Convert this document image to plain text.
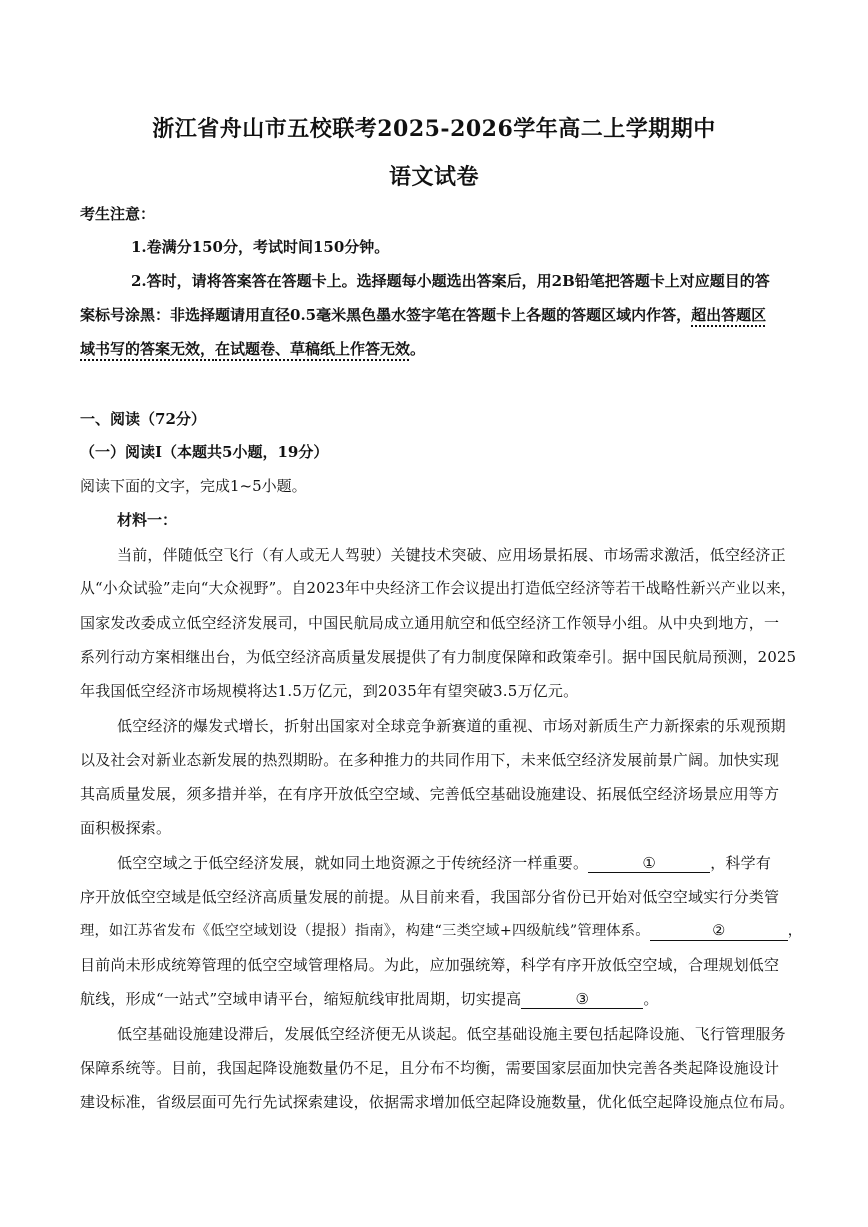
浙江省舟山市五校联考2025-2026学年高二上学期期中
语文试卷
考生注意：
1.卷满分150分，考试时间150分钟。
2.答时，请将答案答在答题卡上。选择题每小题选出答案后，用2B铅笔把答题卡上对应题目的答
案标号涂黑：非选择题请用直径0.5毫米黑色墨水签字笔在答题卡上各题的答题区域内作答，超出答题区
域书写的答案无效，在试题卷、草稿纸上作答无效。
一、阅读（72分）
（一）阅读Ⅰ（本题共5小题，19分）
阅读下面的文字，完成1~5小题。
材料一：
当前，伴随低空飞行（有人或无人驾驶）关键技术突破、应用场景拓展、市场需求激活，低空经济正
从“小众试验”走向“大众视野”。自2023年中央经济工作会议提出打造低空经济等若干战略性新兴产业以来，
国家发改委成立低空经济发展司，中国民航局成立通用航空和低空经济工作领导小组。从中央到地方，一
系列行动方案相继出台，为低空经济高质量发展提供了有力制度保障和政策牵引。据中国民航局预测，2025
年我国低空经济市场规模将达1.5万亿元，到2035年有望突破3.5万亿元。
低空经济的爆发式增长，折射出国家对全球竞争新赛道的重视、市场对新质生产力新探索的乐观预期
以及社会对新业态新发展的热烈期盼。在多种推力的共同作用下，未来低空经济发展前景广阔。加快实现
其高质量发展，须多措并举，在有序开放低空空域、完善低空基础设施建设、拓展低空经济场景应用等方
面积极探索。
低空空域之于低空经济发展，就如同土地资源之于传统经济一样重要。	①	，科学有
序开放低空空域是低空经济高质量发展的前提。从目前来看，我国部分省份已开始对低空空域实行分类管
理，如江苏省发布《低空空域划设（提报）指南》，构建“三类空域+四级航线”管理体系。	②	，
目前尚未形成统筹管理的低空空域管理格局。为此，应加强统筹，科学有序开放低空空域，合理规划低空
航线，形成“一站式”空域申请平台，缩短航线审批周期，切实提高	③	。
低空基础设施建设滞后，发展低空经济便无从谈起。低空基础设施主要包括起降设施、飞行管理服务
保障系统等。目前，我国起降设施数量仍不足，且分布不均衡，需要国家层面加快完善各类起降设施设计
建设标准，省级层面可先行先试探索建设，依据需求增加低空起降设施数量，优化低空起降设施点位布局。
